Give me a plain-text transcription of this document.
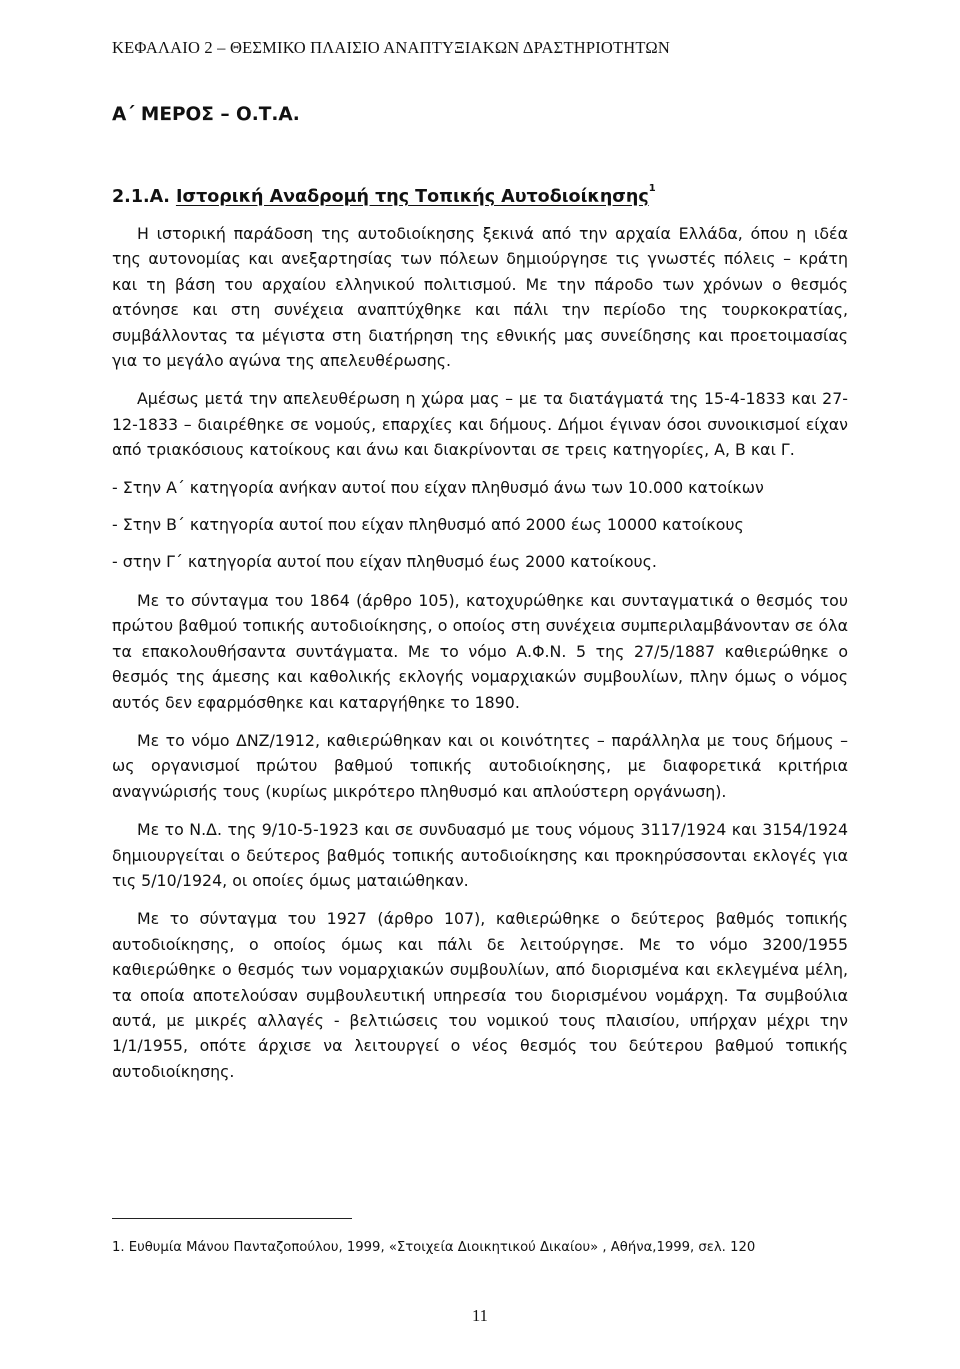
ΚΕΦΑΛΑΙΟ 2 – ΘΕΣΜΙΚΟ ΠΛΑΙΣΙΟ ΑΝΑΠΤΥΞΙΑΚΩΝ ΔΡΑΣΤΗΡΙΟΤΗΤΩΝ
Α΄ ΜΕΡΟΣ – Ο.Τ.Α.
2.1.Α. Ιστορική Αναδρομή της Τοπικής Αυτοδιοίκησης$^1$

Η ιστορική παράδοση της αυτοδιοίκησης ξεκινά από την αρχαία Ελλάδα, όπου η ιδέα της αυτονομίας και ανεξαρτησίας των πόλεων δημιούργησε τις γνωστές πόλεις – κράτη και τη βάση του αρχαίου ελληνικού πολιτισμού. Με την πάροδο των χρόνων ο θεσμός ατόνησε και στη συνέχεια αναπτύχθηκε και πάλι την περίοδο της τουρκοκρατίας, συμβάλλοντας τα μέγιστα στη διατήρηση της εθνικής μας συνείδησης και προετοιμασίας για το μεγάλο αγώνα της απελευθέρωσης.

Αμέσως μετά την απελευθέρωση η χώρα μας – με τα διατάγματά της 15-4-1833 και 27-12-1833 – διαιρέθηκε σε νομούς, επαρχίες και δήμους. Δήμοι έγιναν όσοι συνοικισμοί είχαν από τριακόσιους κατοίκους και άνω και διακρίνονται σε τρεις κατηγορίες, Α, Β και Γ.

- Στην Α΄ κατηγορία ανήκαν αυτοί που είχαν πληθυσμό άνω των 10.000 κατοίκων

- Στην Β΄ κατηγορία αυτοί που είχαν πληθυσμό από 2000 έως 10000 κατοίκους

- στην Γ΄ κατηγορία αυτοί που είχαν πληθυσμό έως 2000 κατοίκους.

Με το σύνταγμα του 1864 (άρθρο 105), κατοχυρώθηκε και συνταγματικά ο θεσμός του πρώτου βαθμού τοπικής αυτοδιοίκησης, ο οποίος στη συνέχεια συμπεριλαμβάνονταν σε όλα τα επακολουθήσαντα συντάγματα. Με το νόμο Α.Φ.Ν. 5 της 27/5/1887 καθιερώθηκε ο θεσμός της άμεσης και καθολικής εκλογής νομαρχιακών συμβουλίων, πλην όμως ο νόμος αυτός δεν εφαρμόσθηκε και καταργήθηκε το 1890.

Με το νόμο ΔΝΖ/1912, καθιερώθηκαν και οι κοινότητες – παράλληλα με τους δήμους – ως οργανισμοί πρώτου βαθμού τοπικής αυτοδιοίκησης, με διαφορετικά κριτήρια αναγνώρισής τους (κυρίως μικρότερο πληθυσμό και απλούστερη οργάνωση).

Με το Ν.Δ. της 9/10-5-1923 και σε συνδυασμό με τους νόμους 3117/1924 και 3154/1924 δημιουργείται ο δεύτερος βαθμός τοπικής αυτοδιοίκησης και προκηρύσσονται εκλογές για τις 5/10/1924, οι οποίες όμως ματαιώθηκαν.

Με το σύνταγμα του 1927 (άρθρο 107), καθιερώθηκε ο δεύτερος βαθμός τοπικής αυτοδιοίκησης, ο οποίος όμως και πάλι δε λειτούργησε. Με το νόμο 3200/1955 καθιερώθηκε ο θεσμός των νομαρχιακών συμβουλίων, από διορισμένα και εκλεγμένα μέλη, τα οποία αποτελούσαν συμβουλευτική υπηρεσία του διορισμένου νομάρχη. Τα συμβούλια αυτά, με μικρές αλλαγές - βελτιώσεις του νομικού τους πλαισίου, υπήρχαν μέχρι την 1/1/1955, οπότε άρχισε να λειτουργεί ο νέος θεσμός του δεύτερου βαθμού τοπικής αυτοδιοίκησης.

1. Ευθυμία Μάνου Πανταζοπούλου, 1999, «Στοιχεία Διοικητικού Δικαίου» , Αθήνα,1999, σελ. 120
11
